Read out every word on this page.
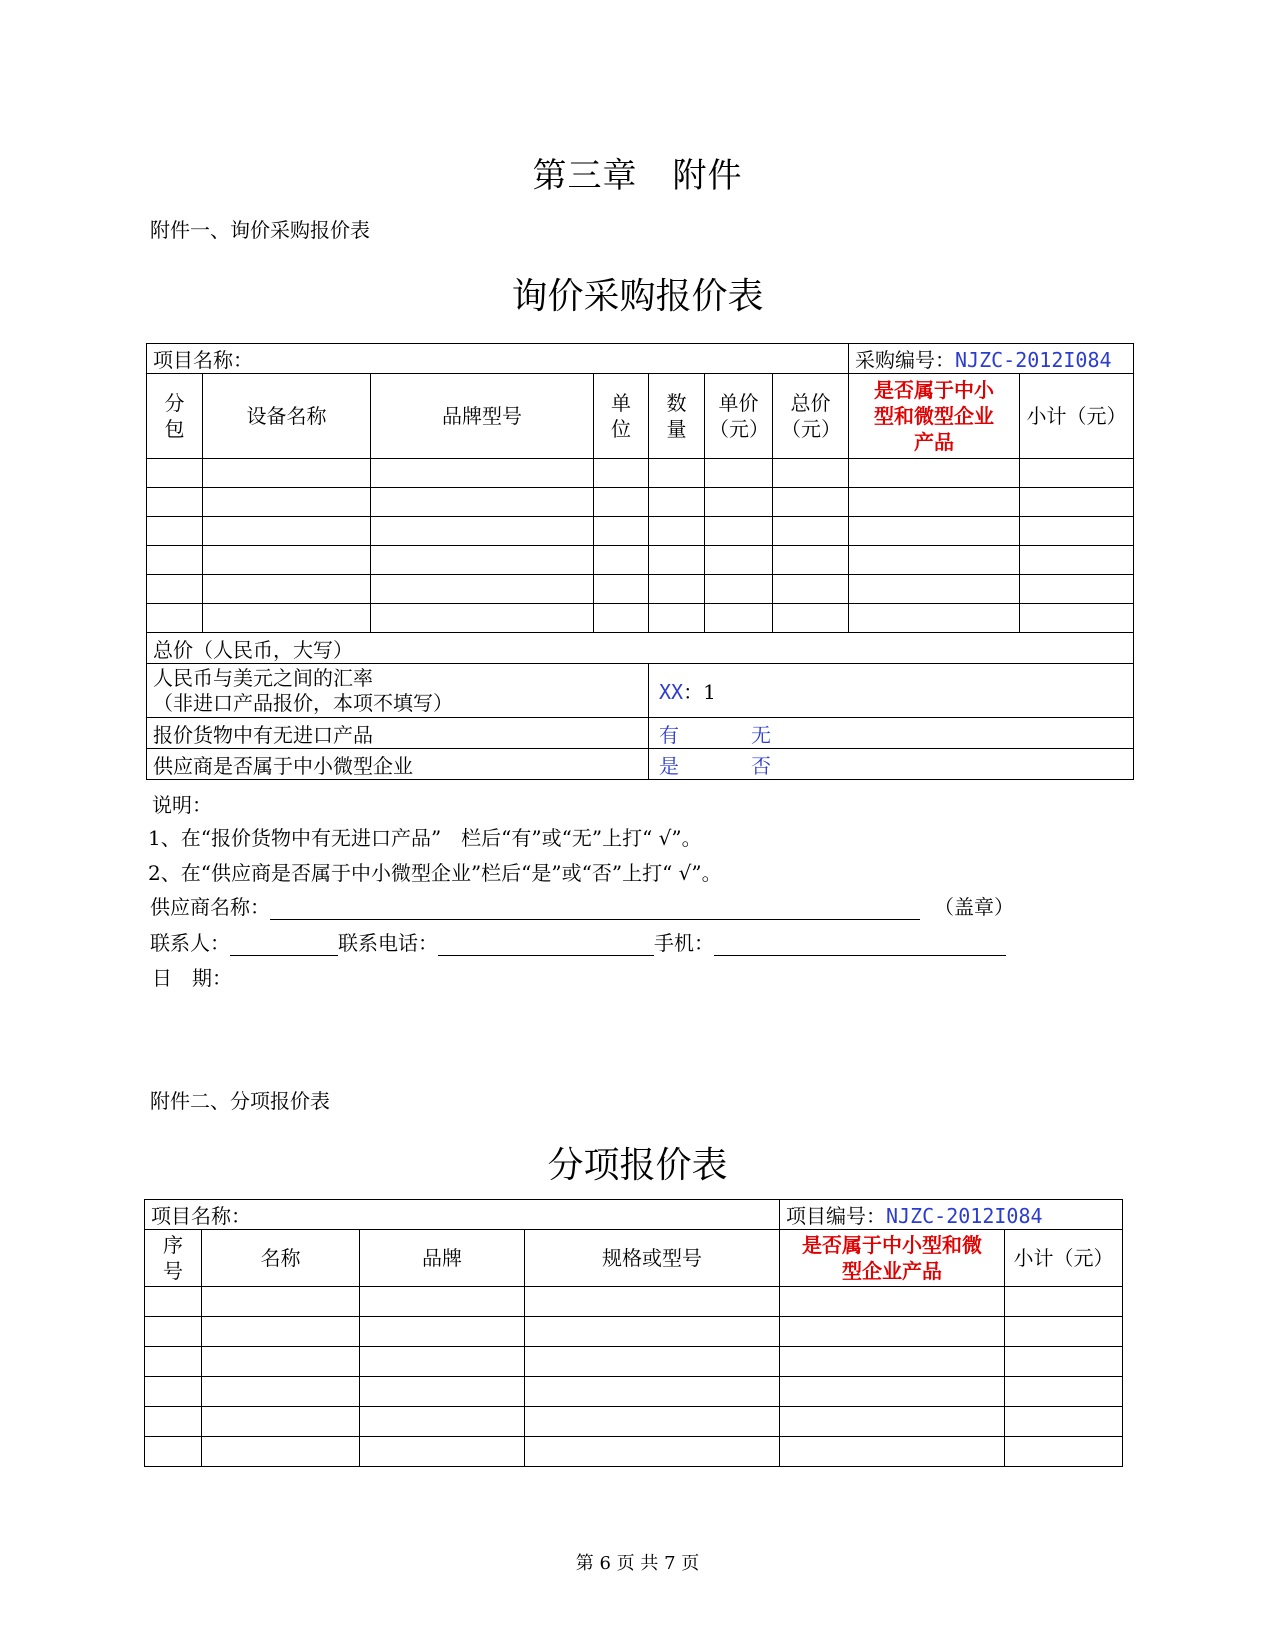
第三章　附件
附件一、询价采购报价表
询价采购报价表
项目名称：							采购编号：NJZC-2012I084	
分包	设备名称	品牌型号	单位	数量	单价（元）	总价（元）	是否属于中小型和微型企业产品	小计（元）

总价（人民币，大写）								

人民币与美元之间的汇率
（非进口产品报价，本项不填写）				XX：1				
报价货物中有无进口产品				有 无				
供应商是否属于中小微型企业				是 否				
说明：
1、在“报价货物中有无进口产品”　栏后“有”或“无”上打“ √”。
2、在“供应商是否属于中小微型企业”栏后“是”或“否”上打“ √”。
供应商名称：	（盖章）
联系人：	联系电话：	手机：
日　期：
附件二、分项报价表
分项报价表
项目名称：				项目编号：NJZC-2012I084	
序号	名称	品牌	规格或型号	是否属于中小型和微型企业产品	小计（元）

第 6 页 共 7 页
